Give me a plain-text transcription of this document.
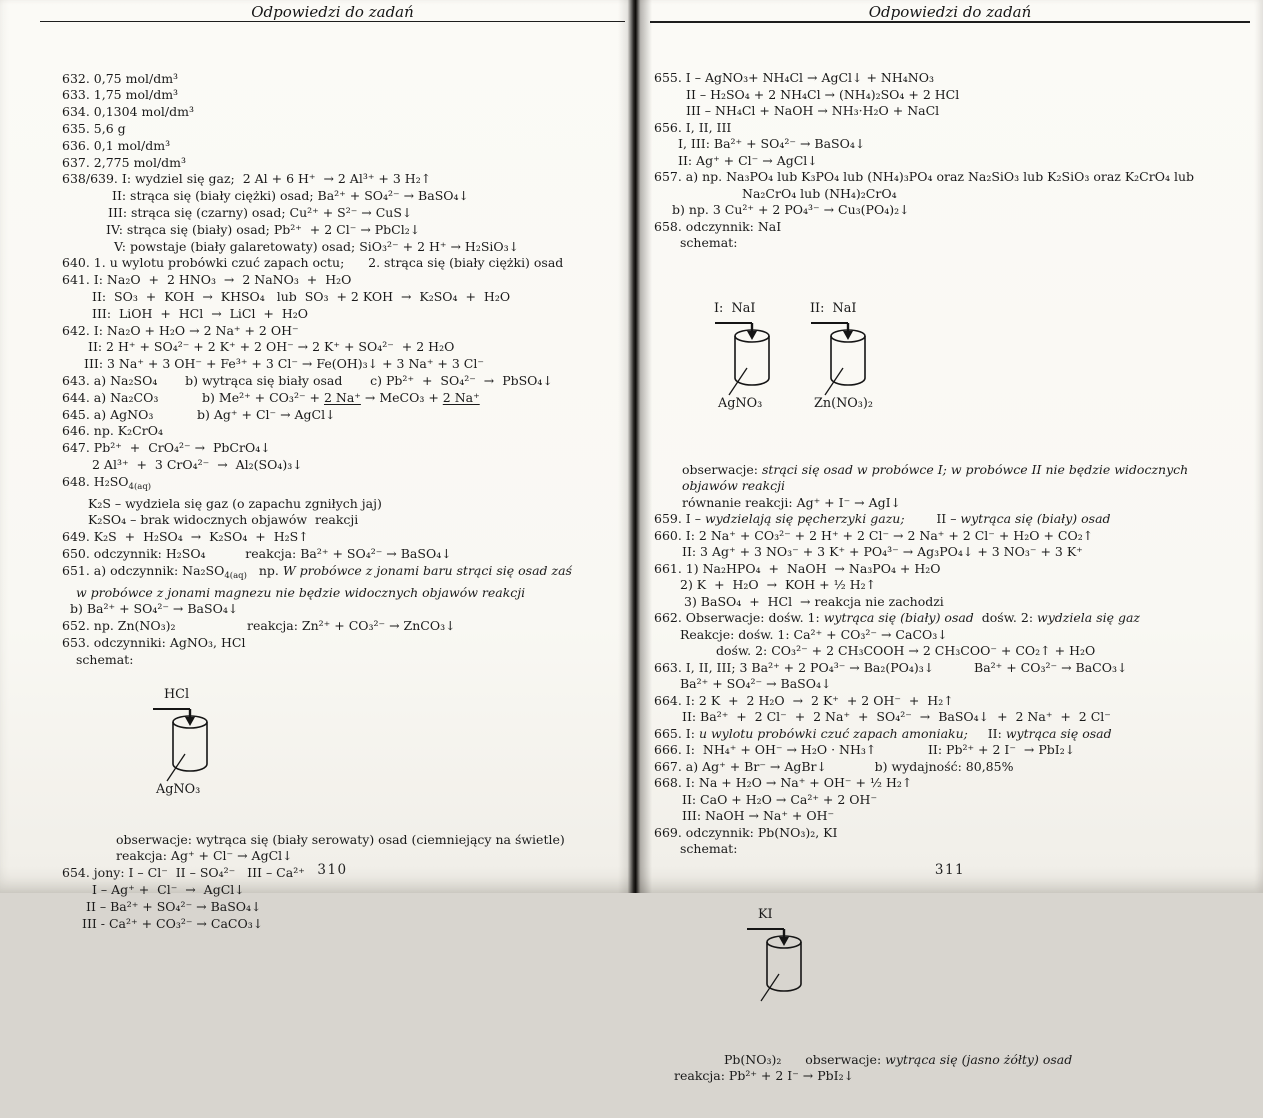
Odpowiedzi do zadań

632. 0,75 mol/dm³
633. 1,75 mol/dm³
634. 0,1304 mol/dm³
635. 5,6 g
636. 0,1 mol/dm³
637. 2,775 mol/dm³
638/639. I: wydziel się gaz;  2 Al + 6 H⁺  → 2 Al³⁺ + 3 H₂↑
II: strąca się (biały ciężki) osad; Ba²⁺ + SO₄²⁻ → BaSO₄↓
III: strąca się (czarny) osad; Cu²⁺ + S²⁻ → CuS↓
IV: strąca się (biały) osad; Pb²⁺  + 2 Cl⁻ → PbCl₂↓
V: powstaje (biały galaretowaty) osad; SiO₃²⁻ + 2 H⁺ → H₂SiO₃↓
640. 1. u wylotu probówki czuć zapach octu;      2. strąca się (biały ciężki) osad
641. I: Na₂O  +  2 HNO₃  →  2 NaNO₃  +  H₂O
II:  SO₃  +  KOH  →  KHSO₄   lub  SO₃  + 2 KOH  →  K₂SO₄  +  H₂O
III:  LiOH  +  HCl  →  LiCl  +  H₂O
642. I: Na₂O + H₂O → 2 Na⁺ + 2 OH⁻
II: 2 H⁺ + SO₄²⁻ + 2 K⁺ + 2 OH⁻ → 2 K⁺ + SO₄²⁻  + 2 H₂O
III: 3 Na⁺ + 3 OH⁻ + Fe³⁺ + 3 Cl⁻ → Fe(OH)₃↓ + 3 Na⁺ + 3 Cl⁻
643. a) Na₂SO₄       b) wytrąca się biały osad       c) Pb²⁺  +  SO₄²⁻  →  PbSO₄↓
644. a) Na₂CO₃           b) Me²⁺ + CO₃²⁻ + 2 Na⁺ → MeCO₃ + 2 Na⁺
645. a) AgNO₃           b) Ag⁺ + Cl⁻ → AgCl↓
646. np. K₂CrO₄
647. Pb²⁺  +  CrO₄²⁻ →  PbCrO₄↓
2 Al³⁺  +  3 CrO₄²⁻  →  Al₂(SO₄)₃↓
648. $H_2SO_{4(aq)}$
K₂S – wydziela się gaz (o zapachu zgniłych jaj)
K₂SO₄ – brak widocznych objawów  reakcji
649. K₂S  +  H₂SO₄  →  K₂SO₄  +  H₂S↑
650. odczynnik: H₂SO₄          reakcja: Ba²⁺ + SO₄²⁻ → BaSO₄↓
651. a) odczynnik: $Na_2SO_{4(aq)}$   np. W probówce z jonami baru strąci się osad zaś
w probówce z jonami magnezu nie będzie widocznych objawów reakcji
b) Ba²⁺ + SO₄²⁻ → BaSO₄↓
652. np. Zn(NO₃)₂                  reakcja: Zn²⁺ + CO₃²⁻ → ZnCO₃↓
653. odczynniki: AgNO₃, HCl
schemat:

HCl
AgNO₃

obserwacje: wytrąca się (biały serowaty) osad (ciemniejący na świetle)
reakcja: Ag⁺ + Cl⁻ → AgCl↓
654. jony: I – Cl⁻  II – SO₄²⁻   III – Ca²⁺
I – Ag⁺ +  Cl⁻  →  AgCl↓
II – Ba²⁺ + SO₄²⁻ → BaSO₄↓
III - Ca²⁺ + CO₃²⁻ → CaCO₃↓

310
Odpowiedzi do zadań

655. I – AgNO₃+ NH₄Cl → AgCl↓ + NH₄NO₃
II – H₂SO₄ + 2 NH₄Cl → (NH₄)₂SO₄ + 2 HCl
III – NH₄Cl + NaOH → NH₃·H₂O + NaCl
656. I, II, III
I, III: Ba²⁺ + SO₄²⁻ → BaSO₄↓
II: Ag⁺ + Cl⁻ → AgCl↓
657. a) np. Na₃PO₄ lub K₃PO₄ lub (NH₄)₃PO₄ oraz Na₂SiO₃ lub K₂SiO₃ oraz K₂CrO₄ lub
Na₂CrO₄ lub (NH₄)₂CrO₄
b) np. 3 Cu²⁺ + 2 PO₄³⁻ → Cu₃(PO₄)₂↓
658. odczynnik: NaI
schemat:

I:  NaI
AgNO₃

II:  NaI
Zn(NO₃)₂

obserwacje: strąci się osad w probówce I; w probówce II nie będzie widocznych
objawów reakcji
równanie reakcji: Ag⁺ + I⁻ → AgI↓
659. I – wydzielają się pęcherzyki gazu;        II – wytrąca się (biały) osad
660. I: 2 Na⁺ + CO₃²⁻ + 2 H⁺ + 2 Cl⁻ → 2 Na⁺ + 2 Cl⁻ + H₂O + CO₂↑
II: 3 Ag⁺ + 3 NO₃⁻ + 3 K⁺ + PO₄³⁻ → Ag₃PO₄↓ + 3 NO₃⁻ + 3 K⁺
661. 1) Na₂HPO₄  +  NaOH  → Na₃PO₄ + H₂O
2) K  +  H₂O  →  KOH + ½ H₂↑
3) BaSO₄  +  HCl  → reakcja nie zachodzi
662. Obserwacje: dośw. 1: wytrąca się (biały) osad  dośw. 2: wydziela się gaz
Reakcje: dośw. 1: Ca²⁺ + CO₃²⁻ → CaCO₃↓
dośw. 2: CO₃²⁻ + 2 CH₃COOH → 2 CH₃COO⁻ + CO₂↑ + H₂O
663. I, II, III; 3 Ba²⁺ + 2 PO₄³⁻ → Ba₂(PO₄)₃↓          Ba²⁺ + CO₃²⁻ → BaCO₃↓
Ba²⁺ + SO₄²⁻ → BaSO₄↓
664. I: 2 K  +  2 H₂O  →  2 K⁺  + 2 OH⁻  +  H₂↑
II: Ba²⁺  +  2 Cl⁻  +  2 Na⁺  +  SO₄²⁻  →  BaSO₄↓  +  2 Na⁺  +  2 Cl⁻
665. I: u wylotu probówki czuć zapach amoniaku;     II: wytrąca się osad
666. I:  NH₄⁺ + OH⁻ → H₂O · NH₃↑             II: Pb²⁺ + 2 I⁻  → PbI₂↓
667. a) Ag⁺ + Br⁻ → AgBr↓            b) wydajność: 80,85%
668. I: Na + H₂O → Na⁺ + OH⁻ + ½ H₂↑
II: CaO + H₂O → Ca²⁺ + 2 OH⁻
III: NaOH → Na⁺ + OH⁻
669. odczynnik: Pb(NO₃)₂, KI
schemat:

KI

Pb(NO₃)₂      obserwacje: wytrąca się (jasno żółty) osad
reakcja: Pb²⁺ + 2 I⁻ → PbI₂↓

311
